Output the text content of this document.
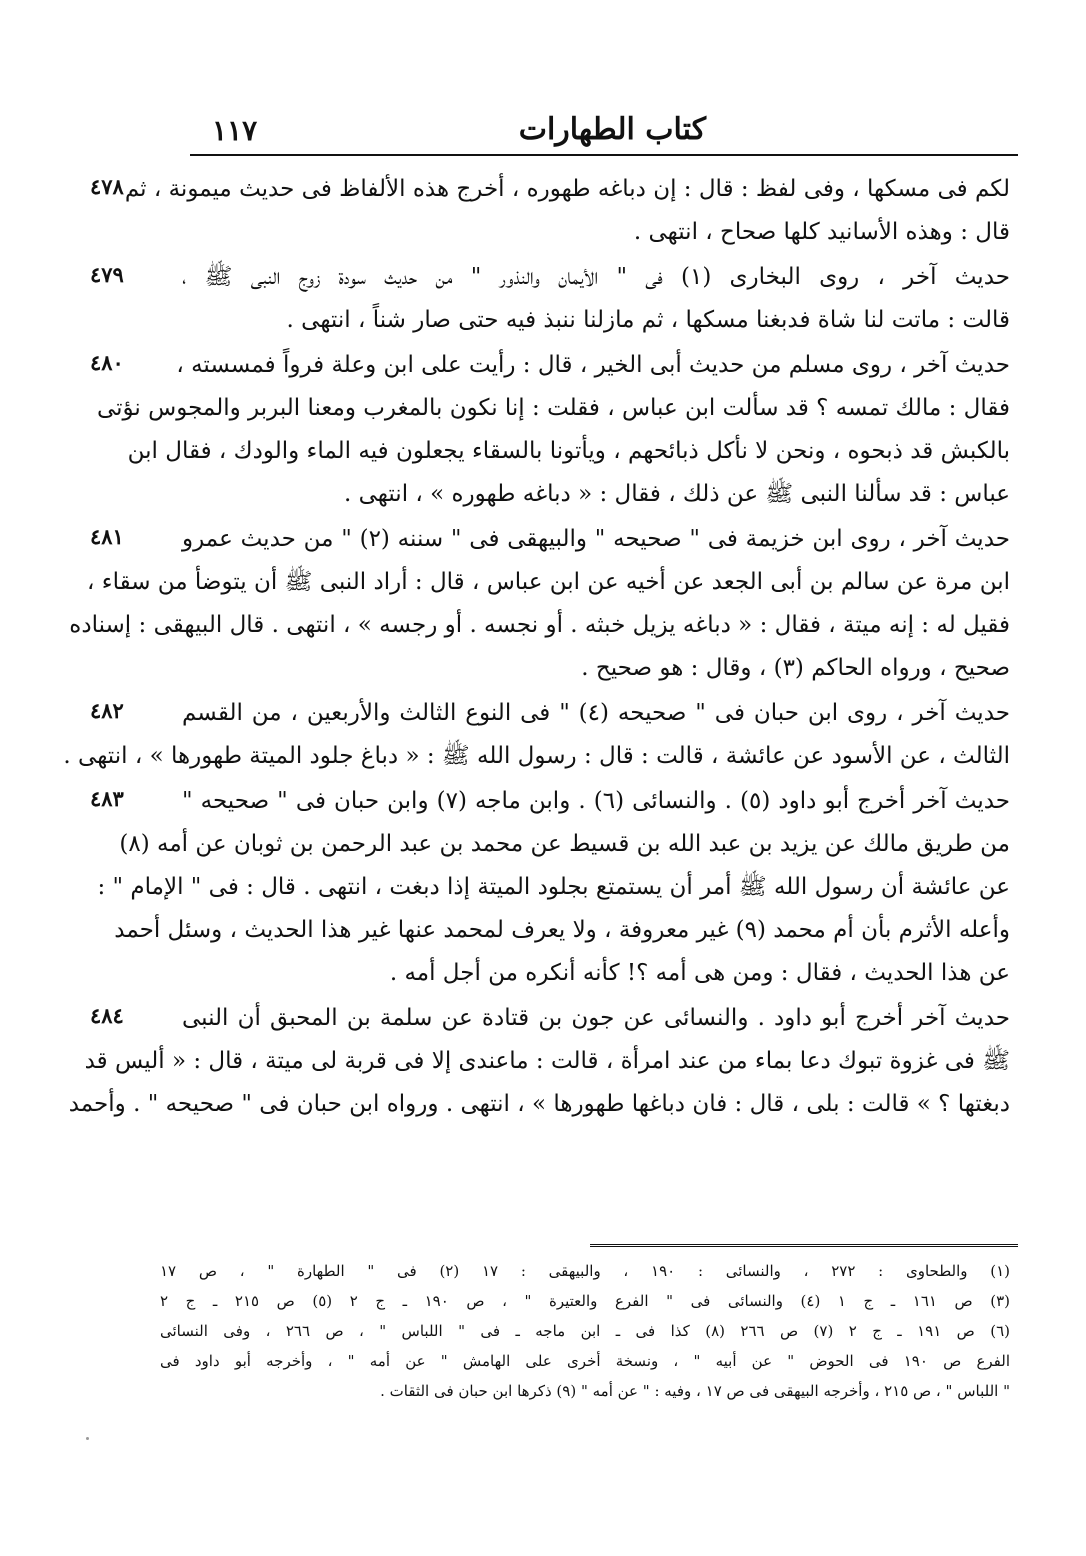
كتاب الطهارات
١١٧
٤٧٨ لكم فى مسكها ، وفى لفظ : قال : إن دباغه طهوره ، أخرج هذه الألفاظ فى حديث ميمونة ، ثم
قال : وهذه الأسانيد كلها صحاح ، انتهى .
٤٧٩	حديث آخر ، روى البخارى (١) فى " الأيمان والنذور " من حديث سودة زوج النبى ﷺ ،
قالت : ماتت لنا شاة فدبغنا مسكها ، ثم مازلنا ننبذ فيه حتى صار شناً ، انتهى .
٤٨٠	حديث آخر ، روى مسلم من حديث أبى الخير ، قال : رأيت على ابن وعلة فرواً فمسسته ،
فقال : مالك تمسه ؟ قد سألت ابن عباس ، فقلت : إنا نكون بالمغرب ومعنا البربر والمجوس نؤتى
بالكبش قد ذبحوه ، ونحن لا نأكل ذبائحهم ، ويأتونا بالسقاء يجعلون فيه الماء والودك ، فقال ابن
عباس : قد سألنا النبى ﷺ عن ذلك ، فقال : « دباغه طهوره » ، انتهى .
٤٨١	حديث آخر ، روى ابن خزيمة فى " صحيحه " والبيهقى فى " سننه (٢) " من حديث عمرو
ابن مرة عن سالم بن أبى الجعد عن أخيه عن ابن عباس ، قال : أراد النبى ﷺ أن يتوضأ من سقاء ،
فقيل له : إنه ميتة ، فقال : « دباغه يزيل خبثه . أو نجسه . أو رجسه » ، انتهى . قال البيهقى : إسناده
صحيح ، ورواه الحاكم (٣) ، وقال : هو صحيح .
٤٨٢	حديث آخر ، روى ابن حبان فى " صحيحه (٤) " فى النوع الثالث والأربعين ، من القسم
الثالث ، عن الأسود عن عائشة ، قالت : قال : رسول الله ﷺ : « دباغ جلود الميتة طهورها » ، انتهى .
٤٨٣	حديث آخر أخرج أبو داود (٥) . والنسائى (٦) . وابن ماجه (٧) وابن حبان فى " صحيحه "
من طريق مالك عن يزيد بن عبد الله بن قسيط عن محمد بن عبد الرحمن بن ثوبان عن أمه (٨)
عن عائشة أن رسول الله ﷺ أمر أن يستمتع بجلود الميتة إذا دبغت ، انتهى . قال : فى " الإمام " :
وأعله الأثرم بأن أم محمد (٩) غير معروفة ، ولا يعرف لمحمد عنها غير هذا الحديث ، وسئل أحمد
عن هذا الحديث ، فقال : ومن هى أمه ؟! كأنه أنكره من أجل أمه .
٤٨٤	حديث آخر أخرج أبو داود . والنسائى عن جون بن قتادة عن سلمة بن المحبق أن النبى
ﷺ فى غزوة تبوك دعا بماء من عند امرأة ، قالت : ماعندى إلا فى قربة لى ميتة ، قال : « أليس قد
دبغتها ؟ » قالت : بلى ، قال : فان دباغها طهورها » ، انتهى . ورواه ابن حبان فى " صحيحه " . وأحمد
(١) والطحاوى : ٢٧٢ ، والنسائى : ١٩٠ ، والبيهقى : ١٧ (٢) فى " الطهارة " ، ص ١٧
(٣) ص ١٦١ ـ ج ١ (٤) والنسائى فى " الفرع والعتيرة " ، ص ١٩٠ ـ ج ٢ (٥) ص ٢١٥ ـ ج ٢
(٦) ص ١٩١ ـ ج ٢ (٧) ص ٢٦٦ (٨) كذا فى ـ ابن ماجه ـ فى " اللباس " ، ص ٢٦٦ ، وفى النسائى
الفرع ص ١٩٠ فى الحوض " عن أبيه " ، ونسخة أخرى على الهامش " عن أمه " ، وأخرجه أبو داود فى
" اللباس " ، ص ٢١٥ ، وأخرجه البيهقى فى ص ١٧ ، وفيه : " عن أمه " (٩) ذكرها ابن حبان فى الثقات .
